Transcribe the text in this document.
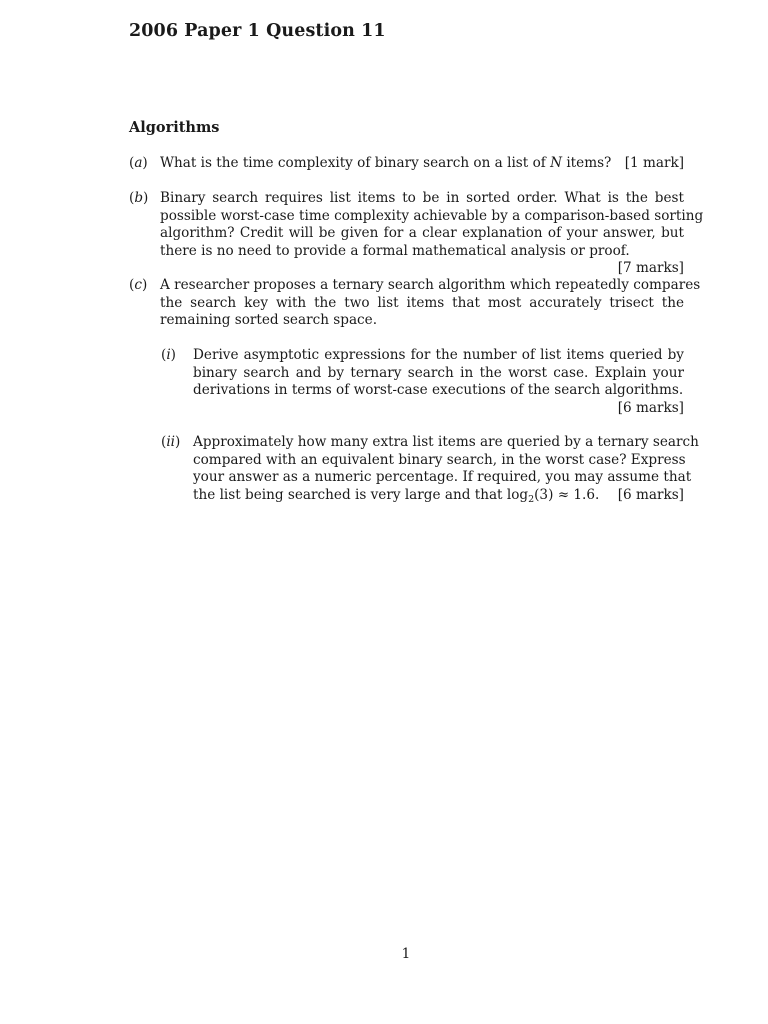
2006 Paper 1 Question 11
Algorithms
(a) What is the time complexity of binary search on a list of N items? [1 mark]
(b) Binary search requires list items to be in sorted order. What is the best
possible worst-case time complexity achievable by a comparison-based sorting
algorithm? Credit will be given for a clear explanation of your answer, but
there is no need to provide a formal mathematical analysis or proof.
[7 marks]
(c) A researcher proposes a ternary search algorithm which repeatedly compares
the search key with the two list items that most accurately trisect the
remaining sorted search space.
(i) Derive asymptotic expressions for the number of list items queried by
binary search and by ternary search in the worst case. Explain your
derivations in terms of worst-case executions of the search algorithms.
[6 marks]
(ii) Approximately how many extra list items are queried by a ternary search
compared with an equivalent binary search, in the worst case? Express
your answer as a numeric percentage. If required, you may assume that
the list being searched is very large and that $\log_2(3) \approx 1.6$. [6 marks]
1
